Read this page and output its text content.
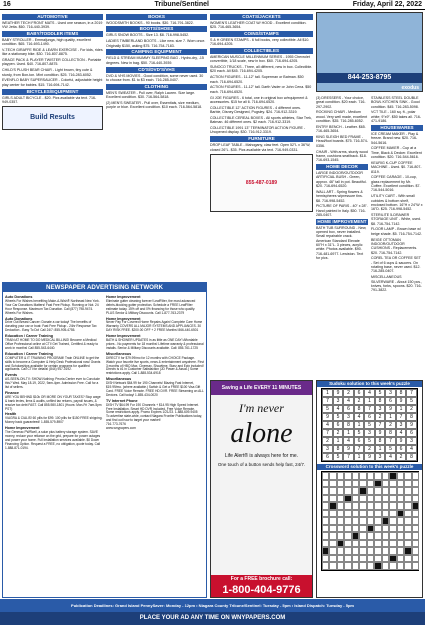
16	Tribune/Sentinel	Friday, April 22, 2022
AUTOMOTIVE
WEATHER TECH FRONT MATS - Used one season, in a 2019 VW Jetta. $60. 716-440-3939.
BABY/TODDLER ITEMS
BABY STROLLER - Emmaljunga, high quality, excellent condition. $65. 716-693-1490.
V-TECH GIRAFFE RIDE & LEARN EXERCISE - For kids, rides like a stationary bike. $30. 716-807-8875.
GRACE PACK & PLAYER TWISTER COLLECTION - Portable playpen. Used. $40. 716-807-8875.
CHILD'S PLUSH BEAR CHAIR - Light brown, tiny cute & sturdy, from Bon-ton. Mint condition. $25. 716-283-6052.
EVENFLO BABY SUPERSAUCER - Colorful, adjustable height play center for babies. $15. 716-694-7142.
BICYCLES/EQUIPMENT
GIRLS ADULT BICYCLE - $20. Pics available via text. 716-949-0357.
Build Results
BOOKS
WOODSMITH BOOKS - 90 books. $30. 716-791-3822.
BOOTS/SHOES
GIRLS SNOW BOOTS - Size 13. $8. 716-998-5452.
LADIES TIMBERLAND BOOTS - Like new. size 7. Worn once. Originally $150, asking $75. 716-754-7183.
CAMPING EQUIPMENT
FIELD & STREAM MUMMY SLEEPING BAG - Hydro-dry, -15 degrees. New in bag. $50. 716-440-3939.
CD'S/DVD'S/VHS
DVD & VHS MOVIES - Good condition, some never used. 30 to choose from. $1 to $3 each. 716-285-0407.
CLOTHING
MEN'S SWEATER - Pull over, Ralph Lauren. Size large. Excellent condition. $30. 716-564-5818.
(2) MEN'S SWEATER - Pull over, Essentials, size medium, purple or blue. Excellent condition. $10 each. 716-564-5818.
COATS/JACKETS
WOMEN'S LEATHER COAT W/ HOOD - Excellent condition. $25. 716-465-3654.
COINS/STAMPS
S & H GREEN STAMPS - 6 full books, very collectible. All $10. 716-694-4205.
COLLECTIBLES
AMERICAN MUSCLE MILLENNIUM SERIES - 1955 Chevrolet convertible, 1/18 scale, new in box. $60. 716-694-4205.
SUNOCO TRUCKS - Three, all different, new in box. Collectible. $20 each. All $45. 716-694-4205.
ACTION FIGURES - 11-12" tall. Superman or Batman. $50 each. 716-694-6520.
ACTION FIGURES - 11-12" tall. Darth Vader or John Cena. $50 each. 716-694-6520.
GI JOE FIGURES - 6 total, one in original box w/equipment & accessories. $15 for all 6. 716-694-6520.
COLLECTIBLE 12" ACTION FIGURES - 4 different ones. Barbie, Disney Designed, Pugsley. $24. 716-912-3319.
COLLECTIBLE CEREAL BOXES - All sports athletes, Star Trek, Batman. 46 different ones. $2 each. 716-912-3319.
COLLECTIBLE 1991 13" TERMINATOR ACTION FIGURE - Unopened display. $30. 716-912-3319.
FURNITURE
DROP LEAF TABLE - Mahogany, claw feet. Open 52"L x 36"W, closed 26"L. $35. Pics available via text. 716-949-0331.
855-487-0189
844-253-8795
exodus
(3) DRESSERS - Your choice, great condition. $20 each. 716-297-2902.
ROCKING CHAIR - Medium wood. Very well made, excellent condition. $35. 716-285-6052.
ENTRY BENCH - Leather. $65. 716-465-3654.
KING SLEIGH BED FRAME - Head/foot boards. $75. 716-574-0356.
CHAIR - With arms, sturdy wood frame, cushions seat/back. $18. 716-693-1545.
HOME DECOR
LARGE INDOOR/OUTDOOR ARTIFICIAL BUSH - Green, approx. 46" tall in pot. Beautiful. $20. 716-694-6520.
WALL ART - Spring flowers & hemispheres w/pressure tins. $8. 716-998-5452.
PICTURE OF PARIS - 40" x 28". Hand painted in Italy. $50. 716-285-0407.
HOME IMPROVEMENT
BATH TUB SURROUND - New, opened box, never installed. Small repairable crack. American Standard Elevate 60"H x 31"L. 3 pieces, acrylic white. Photos available. $90. 716-481-6977. Lewiston. Text for pics.
STAINLESS STEEL DOUBLE BOWL KITCHEN SINK - Good condition. $45. 716-283-5098.
VCT TILE - 160 sq. ft., polar white; 9"x9". $50 takes all. 716-471-9186.
HOUSEWARES
ICE CREAM MAKER - Play & freeze. Brand new. $20. 716-544-5616.
COFFEE MAKER - Cup at a Time, Black & Decker. Excellent condition. $20. 716-544-5616.
KEURIG K-CUP COFFEE MACHINE - Used. $0. 716-807-8119.
COFFEE CARAGE - 10-cup, glass replacement by Mr. Coffee. Excellent condition. $7. 716-544-5016.
UTILITY CART - With small cubicles & bottom shelf, enclosed bottom. 16"H x 24"W x 16"D. $25. 716-998-5452.
STERILITE 5-DRAWER STORAGE UNIT - White, used. $8. 716-754-7142.
FLOOR LAMP - Brown base w/ beige shade. $5. 716-754-7142.
BEIGE OTTOMAN INDOOR/OUTDOOR CUSHIONS - Replacements. $20. 716-754-7142.
COREL TEA OR COFFEE SET - Set of 6 cups & saucers. On rotating base, never used. $12. 716-285-0407.
MISCELLANEOUS SILVERWARE - About 150 pcs., knives, forks, spoons. $20. 716-791-3822.
NEWSPAPER ADVERTISING NETWORK
Auto Donations
Wheels For Wishes benefiting Make-A-Wish® Northeast New York. Your Car Donations Matters! Fast Free Pickup. Running or Not. 24 Hour Response. Maximum Tax Donation. Call (877) 798-9474. Wheels For Wishes.
Auto Donations
Drive Out Breast Cancer: Donate a car today! The benefits of donating your car or boat: Fast Free Pickup - 24hr Response Tax Deduction - Easy To Do! Call 24/7: 855-905-4755.
Education / Career Training
TRAIN AT HOME TO DO MEDICAL BILLING! Become a Medical Office Professional online at CTI! Get Trained, Certified & ready to work in months! Call 855-543-6440.
Education / Career Training
COMPUTER & IT TRAINING PROGRAM! Train ONLINE to get the skills to become a Computer & Help Desk Professional now! Grants and Scholarships available for certain programs for qualified applicants. Call CTI for details! (844) 947-0192.
Events
AS-SEEN-ON-TV: SHOW-Nothing: Peoria Center ever to Conclude this? Wed. May 18-19, 2022, 9am-4pm. Admission Free. Call for a list of sellers.
Finance
ARE YOU BEHIND $10k OR MORE ON YOUR TAXES? Stop wage & bank levies, liens & audits, unfiled tax returns, payroll issues, & resolve tax debt FAST. Call 855-980-1801 (Hours: Mon-Fri 7am-5pm PST)
Health
VIAGRA & CIALIS! 60 pills for $99. 100 pills for $150 FREE shipping. Money back guaranteed! 1-855-579-8907
Home Improvement
The Generac PWRcell, a solar plus battery storage system. SAVE money, reduce your reliance on the grid, prepare for power outages and power your home. Full installation services available. $0 Down Financing Option. Request a FREE, no obligation, quote today. Call 1-888-871-0194.
Home Improvement
Eliminate gutter cleaning forever! LeafFilter, the most advanced debris-blocking gutter protection. Schedule a FREE LeafFilter estimate today. 15% off and 0% financing for those who qualify. PLUS Senior & Military Discounts. Call 1-877-763-2379
Home Improvement
Never Pay For Covered Home Repairs Again! Complete Care Home Warranty COVERS ALL MAJOR SYSTEMS AND APPLIANCES. 30 DAY RISK FREE. $200.00 OFF + 2 FREE Months! 866-440-6501
Home Improvement
BATH & SHOWER UPDATES in as little as ONE DAY! Affordable prices - No payments for 18 months! Lifetime warranty & professional installs. Senior & Military Discounts available. Call: 855-761-1725
Miscellaneous
DIRECTV for $79.99/mo for 12 months with CHOICE Package. Watch your favorite live sports, news & entertainment anywhere. First 3 months of HBO Max, Cinemax, Showtime, Starz and Epix included! Directv is #1 in Customer Satisfaction (JD Power & Assoc.) Some restrictions apply. Call 1-888-534-6918
Miscellaneous
DISH Network $64.99 for 190 Channels! Blazing Fast Internet, $19.99/mo. (where available.) Switch & Get a FREE $100 Visa Gift Card. FREE Voice Remote. FREE HD DVR. FREE Streaming on ALL Devices. Call today! 1-855-434-0020
TV Internet Phone
DISH TV $64.99 For 190 Channels + $14.95 High Speed Internet. Free Installation, Smart HD DVR Included, Free Voice Remote. Some restrictions apply. Promo Expires 1/21/23. 1-888-609-9405
To advertise state-wide, contact Niagara Frontier Publications today, and find out how to target your market!
716-773-7676
www.wnypapers.com
Saving a Life EVERY 11 MINUTES
I'm never
alone
Life Alert® is always here for me.
One touch of a button sends help fast, 24/7.
For a FREE brochure call:
1-800-404-9776
Sudoku solution to this week's puzzle
1	9	2	6	4	5	3	8	7
7	3	4	2	1	8	6	9	5
5	4	6	8	7	3	9	1	2
9	5	3	4	6	2	1	7	8
4	6	8	1	5	7	2	3	9
7	2	1	5	3	9	8	4	6
2	1	4	6	5	8	7	9	3
3	8	9	7	2	1	5	6	4
6	5	7	1	9	3	4	2	8
Crossword solution to this week's puzzle
Publication Deadlines: Grand Island PennySaver: Monday - 12pm • Niagara County Tribune/Sentinel: Tuesday - 5pm • Island Dispatch: Tuesday - 5pm
PLACE YOUR AD ANY TIME ON WNYPAPERS.COM
